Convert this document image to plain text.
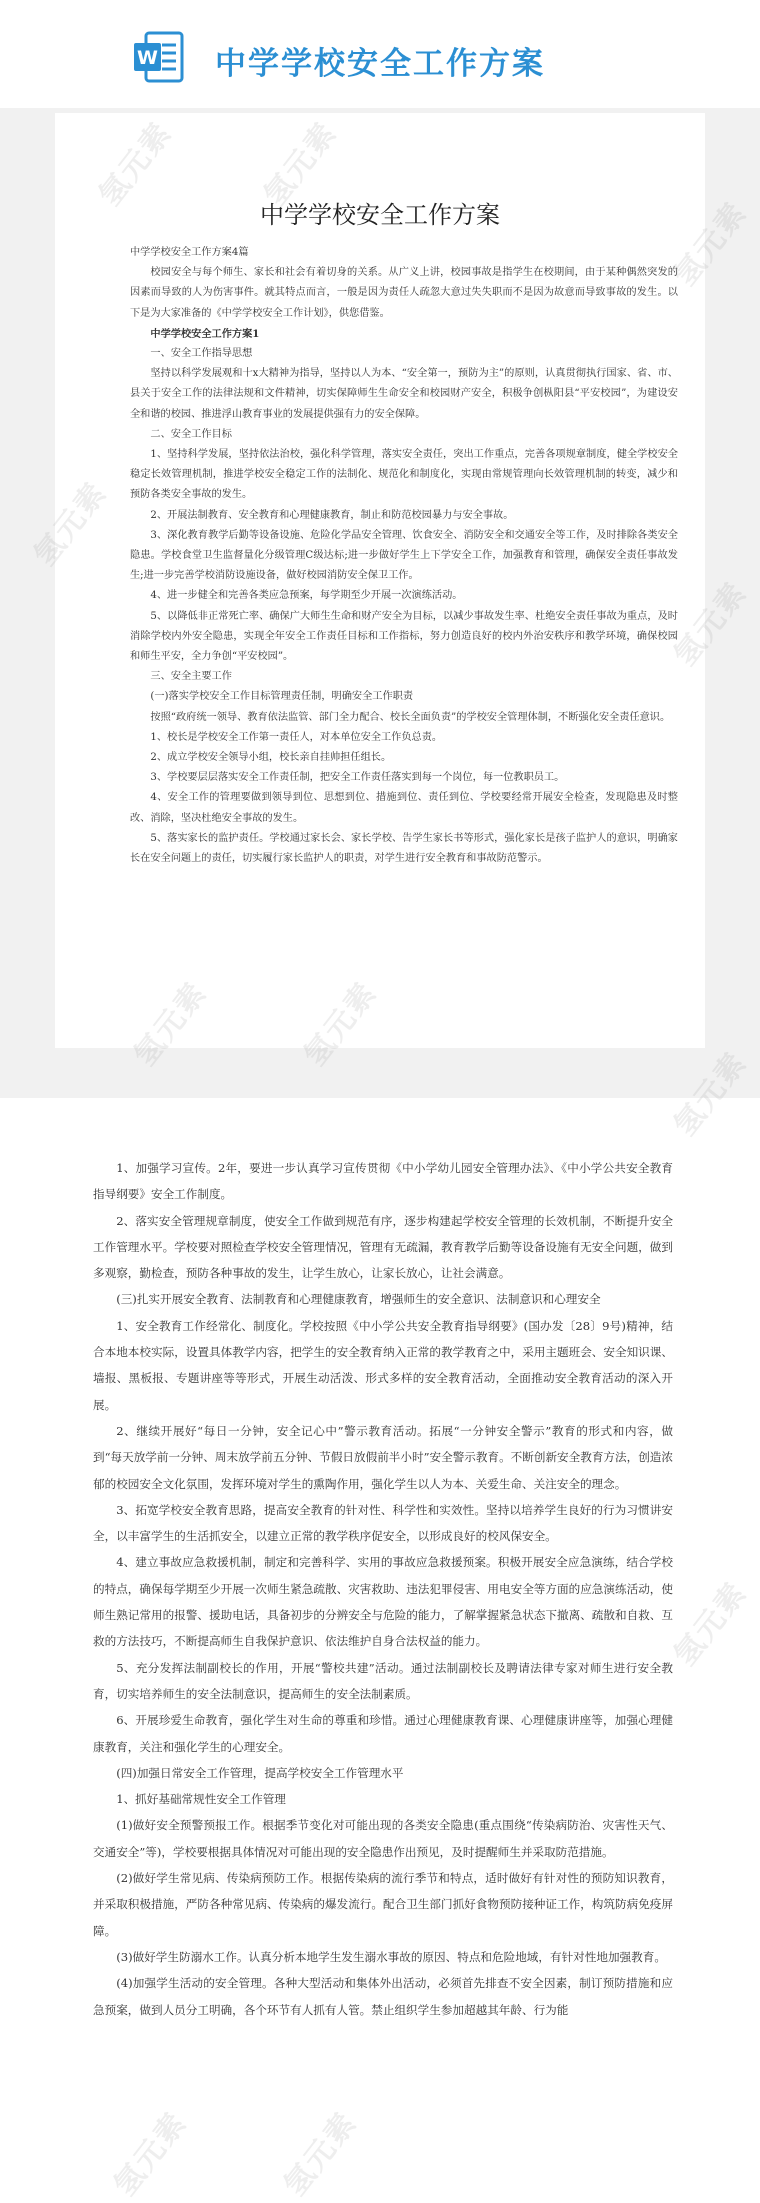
W 中学学校安全工作方案
中学学校安全工作方案

中学学校安全工作方案4篇

校园安全与每个师生、家长和社会有着切身的关系。从广义上讲，校园事故是指学生在校期间，由于某种偶然突发的因素而导致的人为伤害事件。就其特点而言，一般是因为责任人疏忽大意过失失职而不是因为故意而导致事故的发生。以下是为大家准备的《中学学校安全工作计划》，供您借鉴。

中学学校安全工作方案1

一、安全工作指导思想

坚持以科学发展观和十x大精神为指导，坚持以人为本、“安全第一，预防为主”的原则，认真贯彻执行国家、省、市、县关于安全工作的法律法规和文件精神，切实保障师生生命安全和校园财产安全，积极争创枞阳县“平安校园”，为建设安全和谐的校园、推进浮山教育事业的发展提供强有力的安全保障。

二、安全工作目标

1、坚持科学发展，坚持依法治校，强化科学管理，落实安全责任，突出工作重点，完善各项规章制度，健全学校安全稳定长效管理机制，推进学校安全稳定工作的法制化、规范化和制度化，实现由常规管理向长效管理机制的转变，减少和预防各类安全事故的发生。

2、开展法制教育、安全教育和心理健康教育，制止和防范校园暴力与安全事故。

3、深化教育教学后勤等设备设施、危险化学品安全管理、饮食安全、消防安全和交通安全等工作，及时排除各类安全隐患。学校食堂卫生监督量化分级管理C级达标;进一步做好学生上下学安全工作，加强教育和管理，确保安全责任事故发生;进一步完善学校消防设施设备，做好校园消防安全保卫工作。

4、进一步健全和完善各类应急预案，每学期至少开展一次演练活动。

5、以降低非正常死亡率、确保广大师生生命和财产安全为目标，以减少事故发生率、杜绝安全责任事故为重点，及时消除学校内外安全隐患，实现全年安全工作责任目标和工作指标，努力创造良好的校内外治安秩序和教学环境，确保校园和师生平安，全力争创“平安校园”。

三、安全主要工作

(一)落实学校安全工作目标管理责任制，明确安全工作职责

按照“政府统一领导、教育依法监管、部门全力配合、校长全面负责”的学校安全管理体制，不断强化安全责任意识。

1、校长是学校安全工作第一责任人，对本单位安全工作负总责。

2、成立学校安全领导小组，校长亲自挂帅担任组长。

3、学校要层层落实安全工作责任制，把安全工作责任落实到每一个岗位，每一位教职员工。

4、安全工作的管理要做到领导到位、思想到位、措施到位、责任到位、学校要经常开展安全检查，发现隐患及时整改、消除，坚决杜绝安全事故的发生。

5、落实家长的监护责任。学校通过家长会、家长学校、告学生家长书等形式，强化家长是孩子监护人的意识，明确家长在安全问题上的责任，切实履行家长监护人的职责，对学生进行安全教育和事故防范警示。

1、加强学习宣传。2年，要进一步认真学习宣传贯彻《中小学幼儿园安全管理办法》、《中小学公共安全教育指导纲要》安全工作制度。

2、落实安全管理规章制度，使安全工作做到规范有序，逐步构建起学校安全管理的长效机制，不断提升安全工作管理水平。学校要对照检查学校安全管理情况，管理有无疏漏，教育教学后勤等设备设施有无安全问题，做到多观察，勤检查，预防各种事故的发生，让学生放心，让家长放心，让社会满意。

(三)扎实开展安全教育、法制教育和心理健康教育，增强师生的安全意识、法制意识和心理安全

1、安全教育工作经常化、制度化。学校按照《中小学公共安全教育指导纲要》(国办发〔28〕9号)精神，结合本地本校实际，设置具体教学内容，把学生的安全教育纳入正常的教学教育之中，采用主题班会、安全知识课、墙报、黑板报、专题讲座等等形式，开展生动活泼、形式多样的安全教育活动，全面推动安全教育活动的深入开展。

2、继续开展好“每日一分钟，安全记心中”警示教育活动。拓展“一分钟安全警示”教育的形式和内容，做到“每天放学前一分钟、周末放学前五分钟、节假日放假前半小时”安全警示教育。不断创新安全教育方法，创造浓郁的校园安全文化氛围，发挥环境对学生的熏陶作用，强化学生以人为本、关爱生命、关注安全的理念。

3、拓宽学校安全教育思路，提高安全教育的针对性、科学性和实效性。坚持以培养学生良好的行为习惯讲安全，以丰富学生的生活抓安全，以建立正常的教学秩序促安全，以形成良好的校风保安全。

4、建立事故应急救援机制，制定和完善科学、实用的事故应急救援预案。积极开展安全应急演练，结合学校的特点，确保每学期至少开展一次师生紧急疏散、灾害救助、违法犯罪侵害、用电安全等方面的应急演练活动，使师生熟记常用的报警、援助电话，具备初步的分辨安全与危险的能力，了解掌握紧急状态下撤离、疏散和自救、互救的方法技巧，不断提高师生自我保护意识、依法维护自身合法权益的能力。

5、充分发挥法制副校长的作用，开展“警校共建”活动。通过法制副校长及聘请法律专家对师生进行安全教育，切实培养师生的安全法制意识，提高师生的安全法制素质。

6、开展珍爱生命教育，强化学生对生命的尊重和珍惜。通过心理健康教育课、心理健康讲座等，加强心理健康教育，关注和强化学生的心理安全。

(四)加强日常安全工作管理，提高学校安全工作管理水平

1、抓好基础常规性安全工作管理

(1)做好安全预警预报工作。根据季节变化对可能出现的各类安全隐患(重点围绕“传染病防治、灾害性天气、交通安全”等)，学校要根据具体情况对可能出现的安全隐患作出预见，及时提醒师生并采取防范措施。

(2)做好学生常见病、传染病预防工作。根据传染病的流行季节和特点，适时做好有针对性的预防知识教育，并采取积极措施，严防各种常见病、传染病的爆发流行。配合卫生部门抓好食物预防接种证工作，构筑防病免疫屏障。

(3)做好学生防溺水工作。认真分析本地学生发生溺水事故的原因、特点和危险地域，有针对性地加强教育。

(4)加强学生活动的安全管理。各种大型活动和集体外出活动，必须首先排查不安全因素，制订预防措施和应急预案，做到人员分工明确，各个环节有人抓有人管。禁止组织学生参加超越其年龄、行为能

氢元素
氢元素	氢元素
